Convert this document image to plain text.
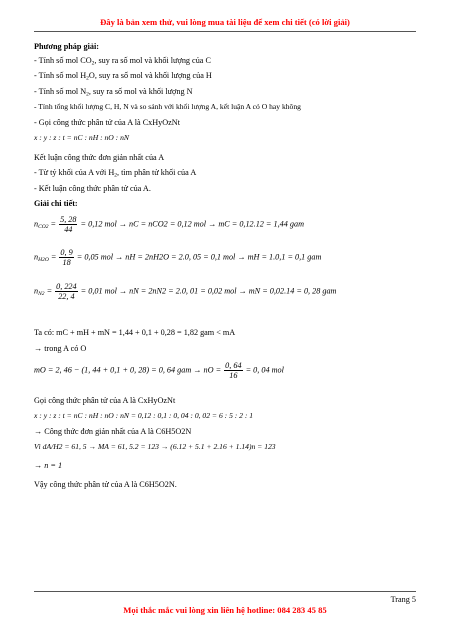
Đây là bản xem thử, vui lòng mua tài liệu để xem chi tiết (có lời giải)
Phương pháp giải:
- Tính số mol $CO_2$, suy ra số mol và khối lượng của C
- Tính số mol $H_2O$, suy ra số mol và khối lượng của H
- Tính số mol $N_2$, suy ra số mol và khối lượng N
- Tính tổng khối lượng C, H, N và so sánh với khối lượng A, kết luận A có O hay không
- Gọi công thức phân tử của A là CxHyOzNt
x : y : z : t = nC : nH : nO : nN
Kết luận công thức đơn giản nhất của A
- Từ tỷ khối của A với $H_2$, tìm phân tử khối của A
- Kết luận công thức phân tử của A.
Giải chi tiết:
$n_{CO2} = \frac{5, 28}{44} = 0,12$ mol → nC = nCO2 = 0,12 mol → mC = 0,12.12 = 1,44 gam
$n_{H2O} = \frac{0, 9}{18} = 0,05$ mol → nH = 2nH2O = 2.0, 05 = 0,1 mol → mH = 1.0,1 = 0,1 gam
$n_{N2} = \frac{0, 224}{22, 4} = 0,01$ mol → nN = 2nN2 = 2.0, 01 = 0,02 mol → mN = 0,02.14 = 0, 28 gam
Ta có: mC + mH + mN = 1,44 + 0,1 + 0,28 = 1,82 gam < mA
→ trong A có O
mO = 2, 46 − (1, 44 + 0,1 + 0, 28) = 0, 64 gam → nO = $\frac{0, 64}{16} = 0$, 04 mol
Gọi công thức phân tử của A là CxHyOzNt
x : y : z : t = nC : nH : nO : nN = 0,12 : 0,1 : 0, 04 : 0, 02 = 6 : 5 : 2 : 1
→ Công thức đơn giản nhất của A là C6H5O2N
Vì dA/H2 = 61, 5 → MA = 61, 5.2 = 123 → (6.12 + 5.1 + 2.16 + 1.14)n = 123
→ n = 1
Vậy công thức phân tử của A là C6H5O2N.
Trang 5
Mọi thắc mắc vui lòng xin liên hệ hotline: 084 283 45 85
